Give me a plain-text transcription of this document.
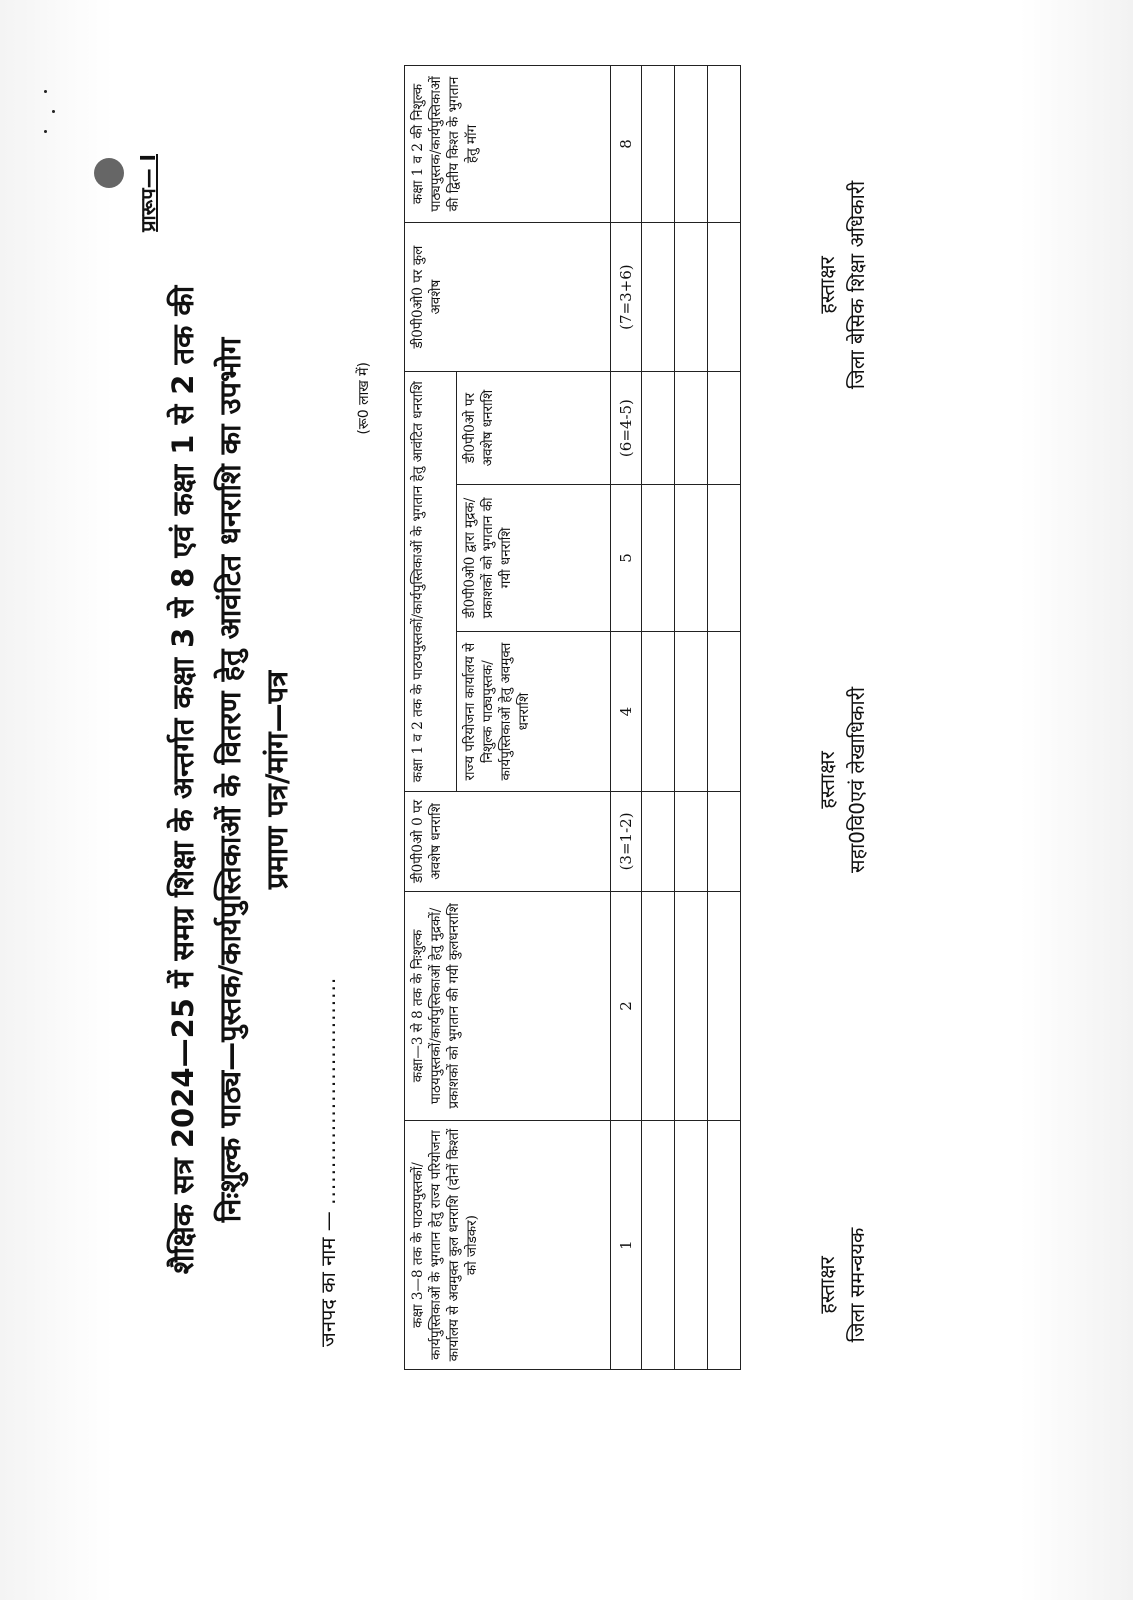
प्रारूप— I
शैक्षिक सत्र 2024—25 में समग्र शिक्षा के अन्तर्गत कक्षा 3 से 8 एवं कक्षा 1 से 2 तक की निःशुल्क पाठ्य—पुस्तक/कार्यपुस्तिकाओं के वितरण हेतु आवंटित धनराशि का उपभोग प्रमाण पत्र/मांग—पत्र
जनपद का नाम — ...............................
(रू0 लाख में)
कक्षा 3—8 तक के पाठयपुस्तकों/कार्यपुस्तिकाओं के भुगतान हेतु राज्य परियोजना कार्यालय से अवमुक्त कुल धनराशि (दोनों किश्तों को जोडकर)	कक्षा—3 से 8 तक के निःशुल्क पाठयपुस्तकों/कार्यपुस्तिकाओं हेतु मुद्रकों/प्रकाशकों को भुगतान की गयी कुलधनराशि	डी0पी0ओ 0 पर अवशेष धनराशि	कक्षा 1 व 2 तक के पाठयपुस्तकों/कार्यपुस्तिकाओं के भुगतान हेतु आवंटित धनराशि			डी0पी0ओ0 पर कुल अवशेष	कक्षा 1 व 2 की निशुल्क पाठ्यपुस्तक/कार्यपुस्तिकाओं की द्वितीय किश्त के भुगतान हेतु मॉग
			राज्य परियोजना कार्यालय से निशुल्क पाठ्यपुस्तक/कार्यपुस्तिकाओं हेतु अवमुक्त धनराशि	डी0पी0ओ0 द्वारा मुद्रक/प्रकाशकों को भुगतान की गयी धनराशि	डी0पी0ओ पर अवशेष धनराशि		
1	2	(3=1-2)	4	5	(6=4-5)	(7=3+6)	8

हस्ताक्षर जिला समन्वयक
हस्ताक्षर सहा0वि0एवं लेखाधिकारी
हस्ताक्षर जिला बेसिक शिक्षा अधिकारी
